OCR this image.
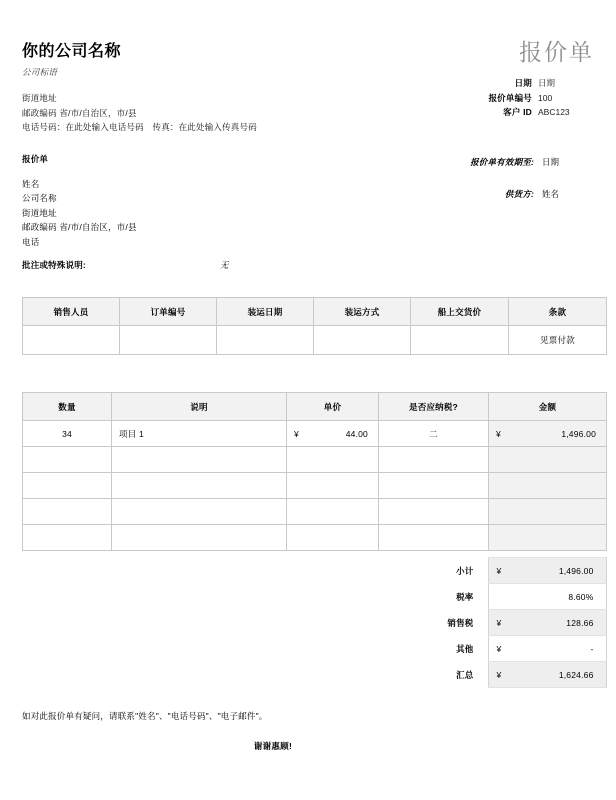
你的公司名称
公司标语
街道地址
邮政编码 省/市/自治区，市/县
电话号码：在此处输入电话号码　传真：在此处输入传真号码
报价单
日期 日期
报价单编号 100
客户 ID ABC123
报价单
姓名
公司名称
街道地址
邮政编码 省/市/自治区，市/县
电话
报价单有效期至: 日期
供货方: 姓名
批注或特殊说明:	无
销售人员	订单编号	装运日期	装运方式	船上交货价	条款
					见票付款
数量	说明	单价	是否应纳税?	金额
34	项目 1	¥ 44.00	二	¥ 1,496.00

小计	¥ 1,496.00
税率	8.60%
销售税	¥ 128.66
其他	¥ -
汇总	¥ 1,624.66
如对此报价单有疑问，请联系"姓名"、"电话号码"、"电子邮件"。
谢谢惠顾!
